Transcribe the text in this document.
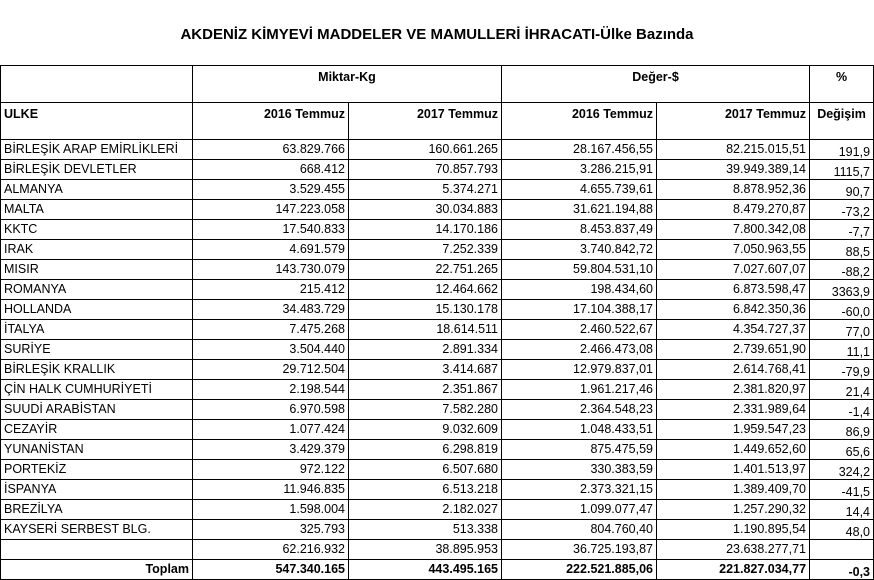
AKDENİZ KİMYEVİ MADDELER VE MAMULLERİ İHRACATI-Ülke Bazında
	Miktar-Kg		Değer-$		%
ULKE	2016 Temmuz	2017 Temmuz	2016 Temmuz	2017 Temmuz	Değişim
BİRLEŞİK ARAP EMİRLİKLERİ	63.829.766	160.661.265	28.167.456,55	82.215.015,51	191,9
BİRLEŞİK DEVLETLER	668.412	70.857.793	3.286.215,91	39.949.389,14	1115,7
ALMANYA	3.529.455	5.374.271	4.655.739,61	8.878.952,36	90,7
MALTA	147.223.058	30.034.883	31.621.194,88	8.479.270,87	-73,2
KKTC	17.540.833	14.170.186	8.453.837,49	7.800.342,08	-7,7
IRAK	4.691.579	7.252.339	3.740.842,72	7.050.963,55	88,5
MISIR	143.730.079	22.751.265	59.804.531,10	7.027.607,07	-88,2
ROMANYA	215.412	12.464.662	198.434,60	6.873.598,47	3363,9
HOLLANDA	34.483.729	15.130.178	17.104.388,17	6.842.350,36	-60,0
İTALYA	7.475.268	18.614.511	2.460.522,67	4.354.727,37	77,0
SURİYE	3.504.440	2.891.334	2.466.473,08	2.739.651,90	11,1
BİRLEŞİK KRALLIK	29.712.504	3.414.687	12.979.837,01	2.614.768,41	-79,9
ÇİN HALK CUMHURİYETİ	2.198.544	2.351.867	1.961.217,46	2.381.820,97	21,4
SUUDİ ARABİSTAN	6.970.598	7.582.280	2.364.548,23	2.331.989,64	-1,4
CEZAYİR	1.077.424	9.032.609	1.048.433,51	1.959.547,23	86,9
YUNANİSTAN	3.429.379	6.298.819	875.475,59	1.449.652,60	65,6
PORTEKİZ	972.122	6.507.680	330.383,59	1.401.513,97	324,2
İSPANYA	11.946.835	6.513.218	2.373.321,15	1.389.409,70	-41,5
BREZİLYA	1.598.004	2.182.027	1.099.077,47	1.257.290,32	14,4
KAYSERİ SERBEST BLG.	325.793	513.338	804.760,40	1.190.895,54	48,0
	62.216.932	38.895.953	36.725.193,87	23.638.277,71	
Toplam	547.340.165	443.495.165	222.521.885,06	221.827.034,77	-0,3
